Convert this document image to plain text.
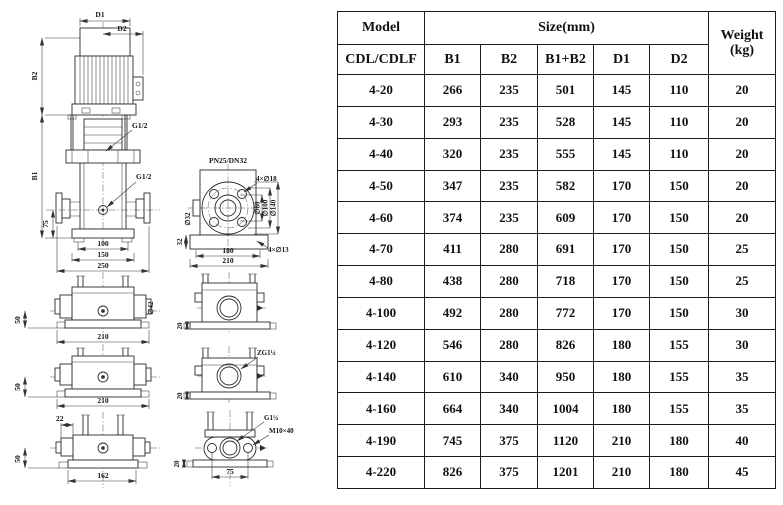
G1/2
G1/2
D1
D2
B2
B1
75
100
150
250
PN25/DN32
4×∅18
∅32
∅60 ∅100 ∅140
32
180
210
4×∅13
50
210
∅42
50
210
22
50
162
20
ZG1¼
20
G1¼
M10×40
20
75
Model	Size(mm)					Weight
(kg)

CDL/CDLF	B1	B2	B1+B2	D1	D2	
4-20	266	235	501	145	110	20
4-30	293	235	528	145	110	20
4-40	320	235	555	145	110	20
4-50	347	235	582	170	150	20
4-60	374	235	609	170	150	20
4-70	411	280	691	170	150	25
4-80	438	280	718	170	150	25
4-100	492	280	772	170	150	30
4-120	546	280	826	180	155	30
4-140	610	340	950	180	155	35
4-160	664	340	1004	180	155	35
4-190	745	375	1120	210	180	40
4-220	826	375	1201	210	180	45
